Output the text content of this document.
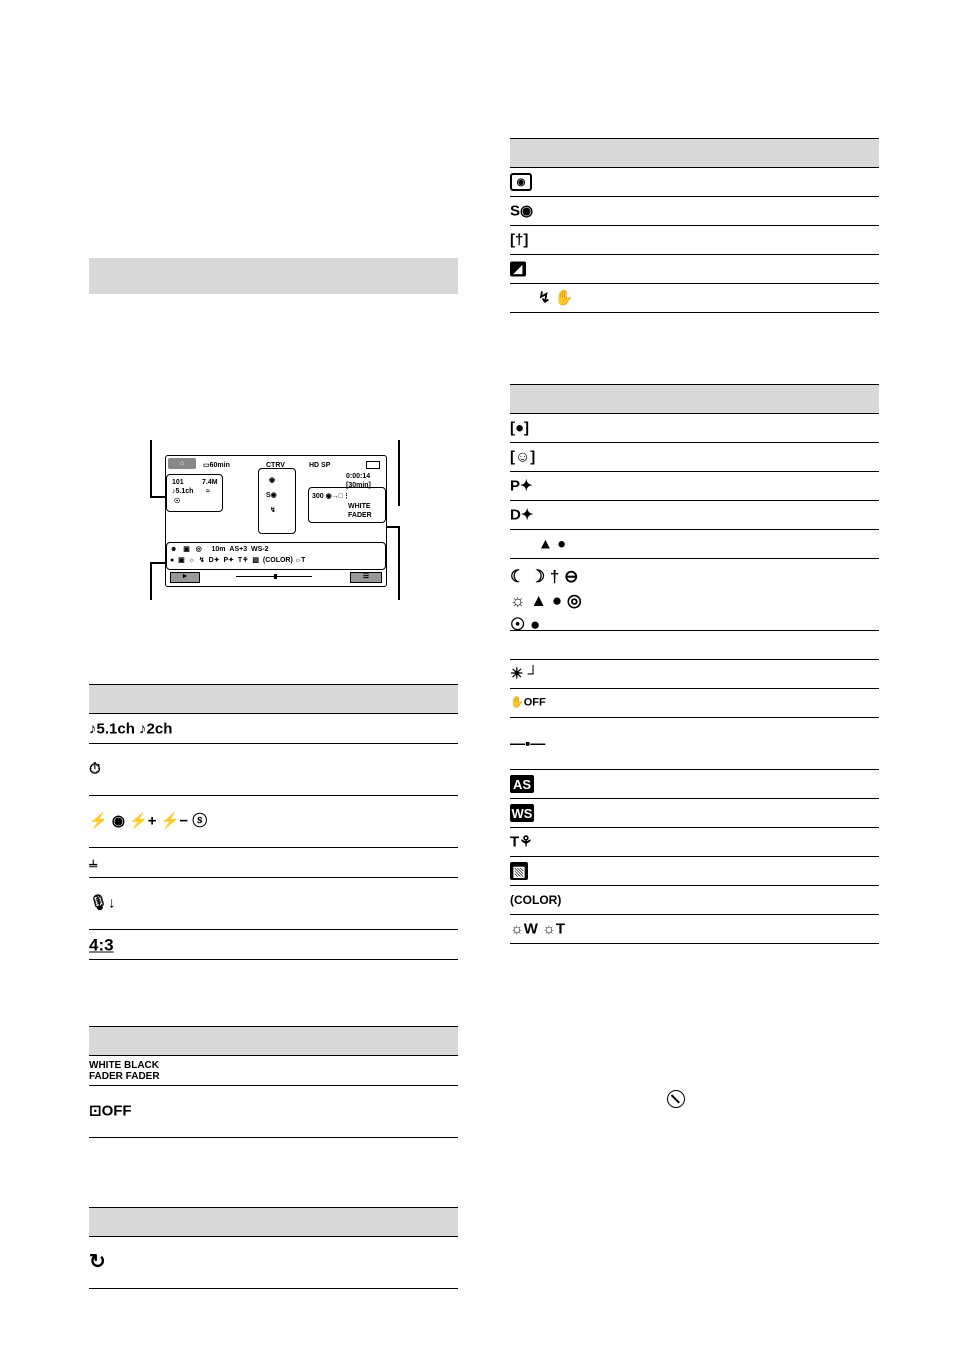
⌂	▭60min	CTRV	HD SP
0:00:14
[30min]
101	7.4M
♪5.1ch ≈
☉
◉
S◉
↯
300 ◉→□⋮
WHITE
FADER
☻   ▣   ◎     10m AS+3  WS-2
●  ▣  ☼  ↯  D✦  P✦  T⚘  ▧  (COLOR) ☼T
►	☰
♪5.1ch ♪2ch
⏱
⚡ ◉ ⚡+ ⚡− ⓢ
⫨
🎙↓
4:3
WHITE BLACK
FADER FADER
⊡OFF
↻
◉
S◉
[†]
◢
↯ ✋
[●]
[☺]
P✦
D✦
▲ ●
☾ ☽ † ⊖
☼ ▲ ● ◎
☉ ●
☀ ┘
✋OFF
—▪—
AS
WS
T⚘
▧
(COLOR)
☼W ☼T
